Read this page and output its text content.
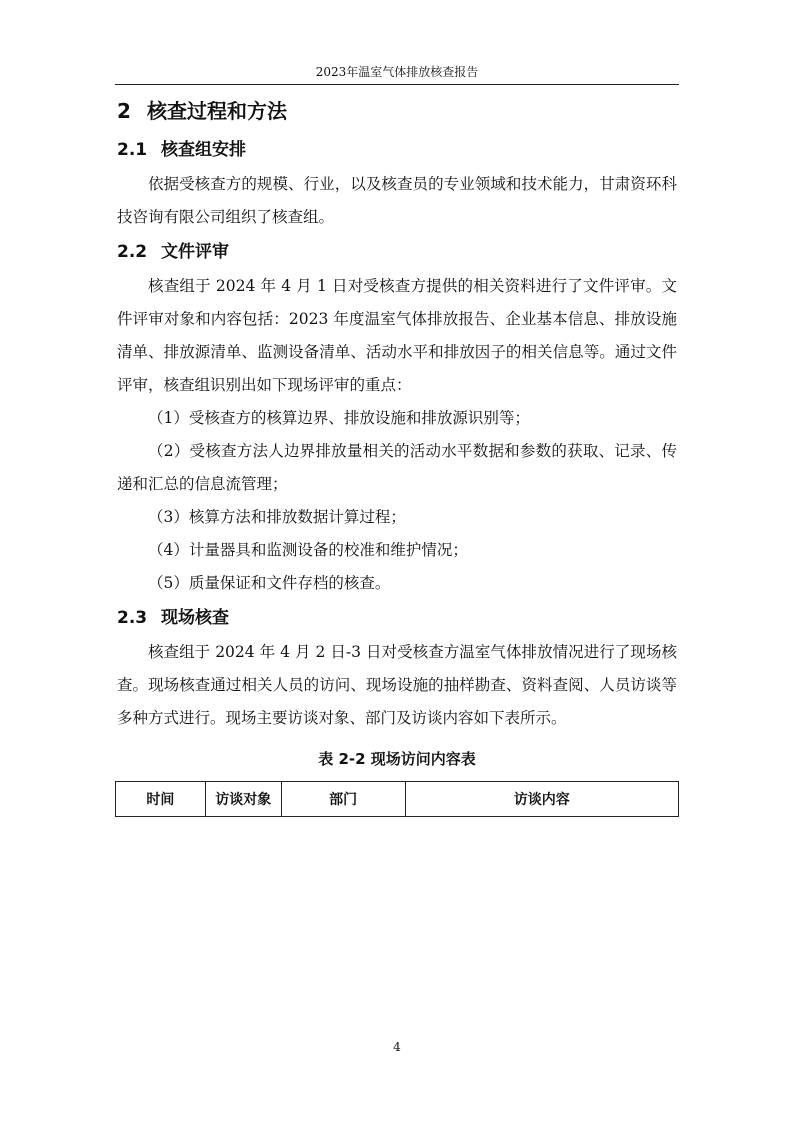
2023年温室气体排放核查报告
2 核查过程和方法
2.1 核查组安排

依据受核查方的规模、行业，以及核查员的专业领域和技术能力，甘肃资环科技咨询有限公司组织了核查组。

2.2 文件评审

核查组于 2024 年 4 月 1 日对受核查方提供的相关资料进行了文件评审。文件评审对象和内容包括：2023 年度温室气体排放报告、企业基本信息、排放设施清单、排放源清单、监测设备清单、活动水平和排放因子的相关信息等。通过文件评审，核查组识别出如下现场评审的重点：

（1）受核查方的核算边界、排放设施和排放源识别等；

（2）受核查方法人边界排放量相关的活动水平数据和参数的获取、记录、传递和汇总的信息流管理；

（3）核算方法和排放数据计算过程；

（4）计量器具和监测设备的校准和维护情况；

（5）质量保证和文件存档的核查。

2.3 现场核查

核查组于 2024 年 4 月 2 日-3 日对受核查方温室气体排放情况进行了现场核查。现场核查通过相关人员的访问、现场设施的抽样勘查、资料查阅、人员访谈等多种方式进行。现场主要访谈对象、部门及访谈内容如下表所示。

表 2-2 现场访问内容表
时间	访谈对象	部门	访谈内容
4
